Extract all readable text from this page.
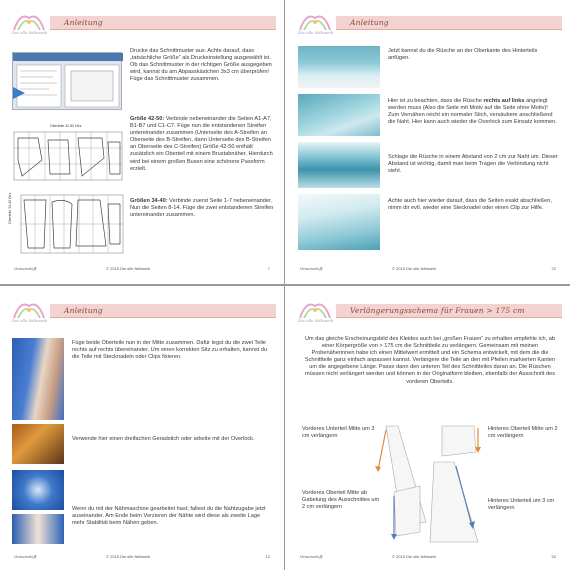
Die olle Nähwerk
Anleitung
Drucke das Schnittmuster aus. Achte darauf, dass „tatsächliche Größe“ als Druckeinstellung ausgewählt ist. Ob das Schnittmuster in der richtigen Größe ausgegeben wird, kannst du am Abpasskästchen 3x3 cm überprüfen! Füge das Schnittmuster zusammen.
Oberteile 42-50 Dirs
Größe 42-50: Verbinde nebeneinander die Seiten A1-A7, B1-B7 und C1-C7. Füge nun die entstandenen Streifen untereinander zusammen (Unterseite des A-Streifen an Oberseite des B-Streifen, dann Unterseite des B-Streifen an Oberseite des C-Streifen) Größe 42-50 enthält zusätzlich ein Oberteil mit einem Brustabnäher. Hierdurch wird bei einem großen Busen eine schönere Passform erzielt.
Oberteile 34-40 Dirs	Größen 34-40: Verbinde zuerst Seite 1-7 nebeneinander. Nun die Seiten 8-14. Füge die zwei entstandenen Streifen untereinander zusammen.
Onnenstoff	© 2015 Die olle Nähwerk	7
Die olle Nähwerk
Anleitung
Jetzt kannst du die Rüsche an der Oberkante des Hinterteils anfügen.
Hier ist zu beachten, dass die Rüsche rechts auf links angelegt werden muss (Also die Seite mit Motiv auf die Seite ohne Motiv)! Zum Vernähen reicht ein normaler Stich, versäubere anschließend die Naht. Hier kann auch wieder die Overlock zum Einsatz kommen.
Schlage die Rüsche in einem Abstand von 2 cm zur Naht um. Dieser Abstand ist wichtig, damit man beim Tragen die Verbindung nicht sieht.
Achte auch hier wieder darauf, dass die Seiten exakt abschließen, nimm dir evtl. wieder eine Stecknadel oder einen Clip zur Hilfe.
Onnenstoff	© 2015 Die olle Nähwerk	22
Die olle Nähwerk
Anleitung
Füge beide Oberteile nun in der Mitte zusammen. Dafür legst du die zwei Teile rechts auf rechts übereinander. Um einen korrekten Sitz zu erhalten, kannst du die Teile mit Stecknadeln oder Clips fixieren.
Verwende hier einen dreifachen Geradstich oder arbeite mit der Overlock.
Wenn du mit der Nähmaschine gearbeitet hast; faltest du die Nahtzugabe jetzt auseinander. Am Ende beim Verzieren der Nähte wird diese als zweite Lage mehr Stabilität beim Nähen geben.
Onnenstoff	© 2015 Die olle Nähwerk	12
Die olle Nähwerk
Verlängerungsschema für Frauen > 175 cm
Um das gleiche Erscheinungsbild des Kleides auch bei „großen Frauen“ zu erhalten empfehle ich, ab einer Körpergröße von > 175 cm die Schnittteile zu verlängern. Gemeinsam mit meinen Probenäherinnen habe ich einen Mittelwert ermittelt und ein Schema entwickelt, mit dem die die Schnittteile ganz einfach anpassen kannst. Verlängere die Teile an den mit Pfeilen markierten Kanten um die angegebene Länge. Passe dann den unteren Teil des Schnittteiles daran an. Die Rüschen müssen nicht verlängert werden und können in der Originalform bleiben, ebenfalls der Ausschnitt des vorderen Oberteils.
Vorderes Unterteil Mitte um 3 cm verlängern
Hinteres Oberteil Mitte um 2 cm verlängern
Vorderes Oberteil Mitte ab Gabelung des Ausschnittes um 2 cm verlängern
Hinteres Unterteil um 3 cm verlängern
Onnenstoff	© 2015 Die olle Nähwerk	52
